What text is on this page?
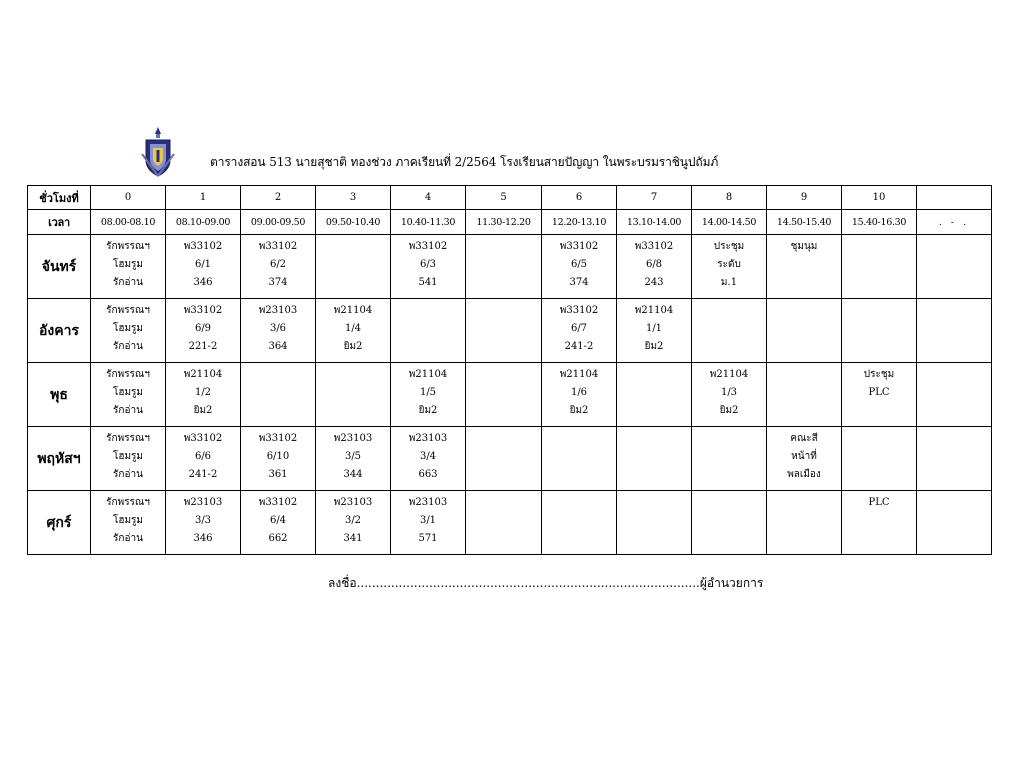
ตารางสอน 513 นายสุชาติ ทองช่วง ภาคเรียนที่ 2/2564 โรงเรียนสายปัญญา ในพระบรมราชินูปถัมภ์
ชั่วโมงที่	0	1	2	3	4	5	6	7	8	9	10	
เวลา	08.00-08.10	08.10-09.00	09.00-09.50	09.50-10.40	10.40-11.30	11.30-12.20	12.20-13.10	13.10-14.00	14.00-14.50	14.50-15.40	15.40-16.30	. - .
จันทร์	รักพรรณฯ
โฮมรูม
รักอ่าน	พ33102
6/1
346	พ33102
6/2
374		พ33102
6/3
541		พ33102
6/5
374	พ33102
6/8
243	ประชุม
ระดับ
ม.1	ชุมนุม		

อังคาร	รักพรรณฯ
โฮมรูม
รักอ่าน	พ33102
6/9
221-2	พ23103
3/6
364	พ21104
1/4
ยิม2			พ33102
6/7
241-2	พ21104
1/1
ยิม2				

พุธ	รักพรรณฯ
โฮมรูม
รักอ่าน	พ21104
1/2
ยิม2			พ21104
1/5
ยิม2		พ21104
1/6
ยิม2		พ21104
1/3
ยิม2		ประชุม
PLC	

พฤหัสฯ	รักพรรณฯ
โฮมรูม
รักอ่าน	พ33102
6/6
241-2	พ33102
6/10
361	พ23103
3/5
344	พ23103
3/4
663					คณะสี
หน้าที่
พลเมือง		

ศุกร์	รักพรรณฯ
โฮมรูม
รักอ่าน	พ23103
3/3
346	พ33102
6/4
662	พ23103
3/2
341	พ23103
3/1
571						PLC	

ลงชื่อ..........................................................................................ผู้อำนวยการ
